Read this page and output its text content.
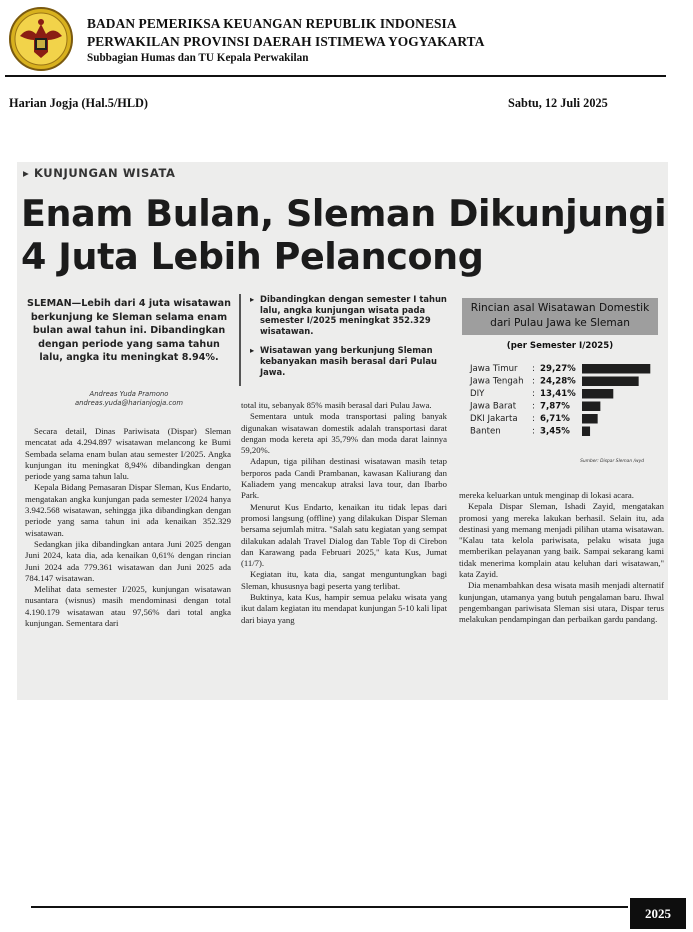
BADAN PEMERIKSA KEUANGAN REPUBLIK INDONESIA
PERWAKILAN PROVINSI DAERAH ISTIMEWA YOGYAKARTA
Subbagian Humas dan TU Kepala Perwakilan
Harian Jogja (Hal.5/HLD)	Sabtu, 12 Juli 2025
▸ KUNJUNGAN WISATA
Enam Bulan, Sleman Dikunjungi
4 Juta Lebih Pelancong
SLEMAN—Lebih dari 4 juta wisatawan berkunjung ke Sleman selama enam bulan awal tahun ini. Dibandingkan dengan periode yang sama tahun lalu, angka itu meningkat 8.94%.
Andreas Yuda Pramono
andreas.yuda@harianjogja.com

▸ Dibandingkan dengan semester I tahun lalu, angka kunjungan wisata pada semester I/2025 meningkat 352.329 wisatawan.

▸ Wisatawan yang berkunjung Sleman kebanyakan masih berasal dari Pulau Jawa.

Rincian asal Wisatawan Domestik dari Pulau Jawa ke Sleman
(per Semester I/2025)
Jawa Timur : 29,27%
Jawa Tengah : 24,28%
DIY	: 13,41%
Jawa Barat : 7,87%
DKI Jakarta : 6,71%
Banten	: 3,45%
Sumber: Dispar Sleman /wyd

Secara detail, Dinas Pariwisata (Dispar) Sleman mencatat ada 4.294.897 wisatawan melancong ke Bumi Sembada selama enam bulan atau semester I/2025. Angka kunjungan itu meningkat 8,94% dibandingkan dengan periode yang sama tahun lalu.

Kepala Bidang Pemasaran Dispar Sleman, Kus Endarto, mengatakan angka kunjungan pada semester I/2024 hanya 3.942.568 wisatawan, sehingga jika dibandingkan dengan periode yang sama tahun ini ada kenaikan 352.329 wisatawan.

Sedangkan jika dibandingkan antara Juni 2025 dengan Juni 2024, kata dia, ada kenaikan 0,61% dengan rincian Juni 2024 ada 779.361 wisatawan dan Juni 2025 ada 784.147 wisatawan.

Melihat data semester I/2025, kunjungan wisatawan nusantara (wisnus) masih mendominasi dengan total 4.190.179 wisatawan atau 97,56% dari total angka kunjungan. Sementara dari

total itu, sebanyak 85% masih berasal dari Pulau Jawa.

Sementara untuk moda transportasi paling banyak digunakan wisatawan domestik adalah transportasi darat dengan moda kereta api 35,79% dan moda darat lainnya 59,20%.

Adapun, tiga pilihan destinasi wisatawan masih tetap berporos pada Candi Prambanan, kawasan Kaliurang dan Kaliadem yang mencakup atraksi lava tour, dan Ibarbo Park.

Menurut Kus Endarto, kenaikan itu tidak lepas dari promosi langsung (offline) yang dilakukan Dispar Sleman bersama sejumlah mitra. "Salah satu kegiatan yang sempat dilakukan adalah Travel Dialog dan Table Top di Cirebon dan Karawang pada Februari 2025," kata Kus, Jumat (11/7).

Kegiatan itu, kata dia, sangat menguntungkan bagi Sleman, khususnya bagi peserta yang terlibat.

Buktinya, kata Kus, hampir semua pelaku wisata yang ikut dalam kegiatan itu mendapat kunjungan 5-10 kali lipat dari biaya yang

mereka keluarkan untuk menginap di lokasi acara.

Kepala Dispar Sleman, Ishadi Zayid, mengatakan promosi yang mereka lakukan berhasil. Selain itu, ada destinasi yang memang menjadi pilihan utama wisatawan. "Kalau tata kelola pariwisata, pelaku wisata juga memberikan pelayanan yang baik. Sampai sekarang kami tidak menerima komplain atau keluhan dari wisatawan," kata Zayid.

Dia menambahkan desa wisata masih menjadi alternatif kunjungan, utamanya yang butuh pengalaman baru. Ihwal pengembangan pariwisata Sleman sisi utara, Dispar terus melakukan pendampingan dan perbaikan gardu pandang.

2025
